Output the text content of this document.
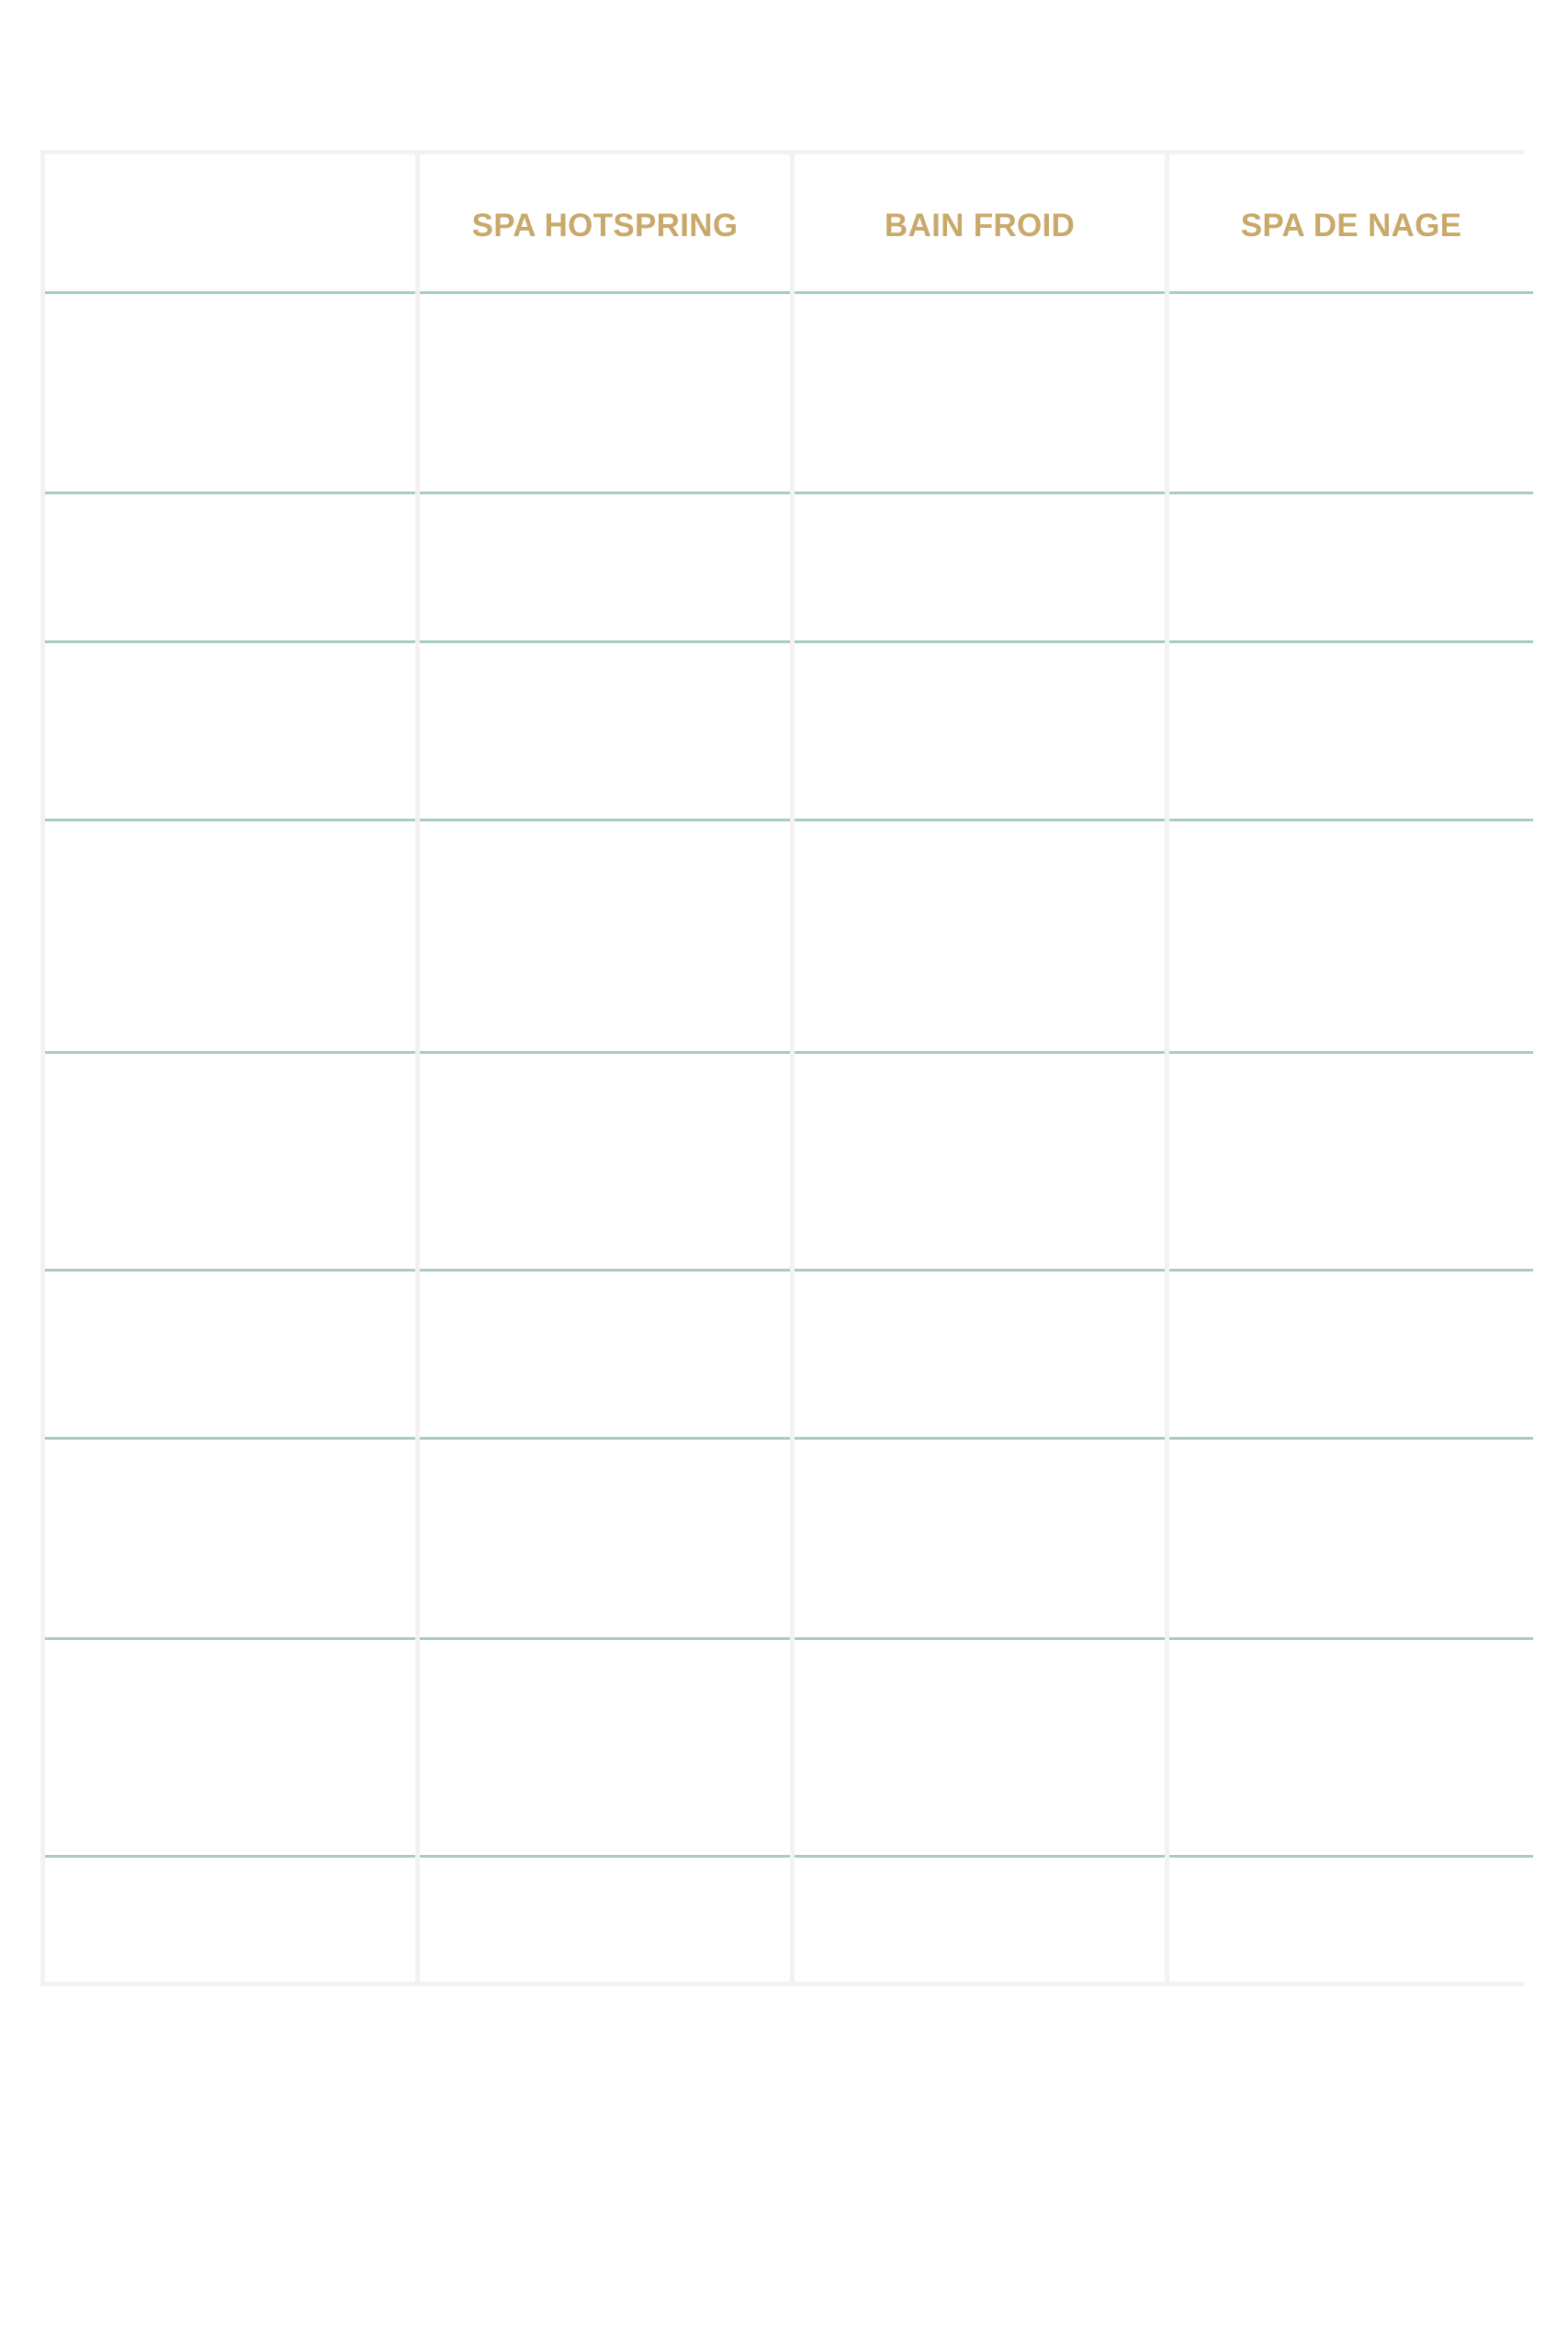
SPA HOTSPRING	BAIN FROID	SPA DE NAGE
